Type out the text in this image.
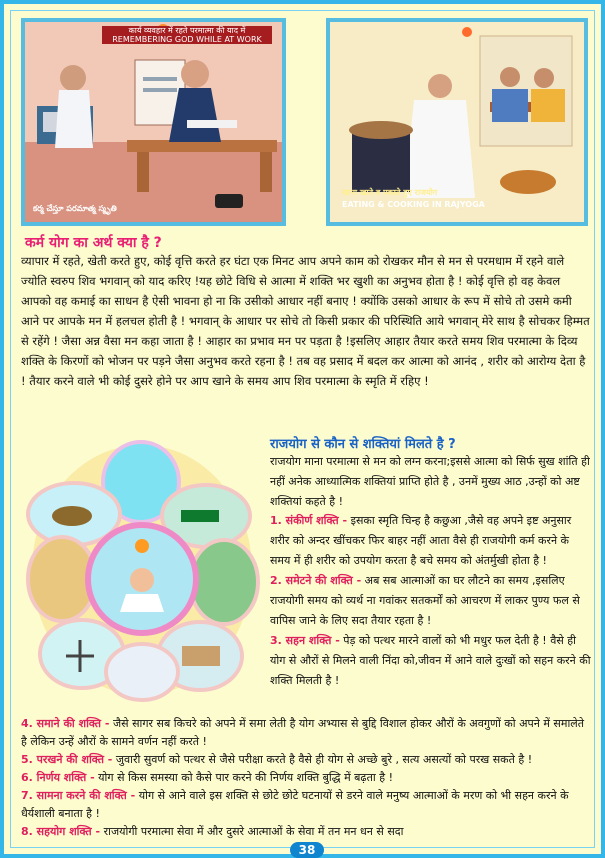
कार्य व्यवहार में रहते परमात्मा की याद में
REMEMBERING GOD WHILE AT WORK
కర్మ చేస్తూ పరమాత్మ స్మృతి
खाना खाते व पकाते हुए राजयोग
EATING & COOKING IN RAJYOGA
कर्म योग का अर्थ क्या है ?
व्यापार में रहते, खेती करते हुए, कोई वृत्ति करते हर घंटा एक मिनट आप अपने काम को रोखकर मौन से मन से परमधाम में रहने वाले ज्योति स्वरुप शिव भगवान् को याद करिए !यह छोटे विधि से आत्मा में शक्ति भर खुशी का अनुभव होता है ! कोई वृत्ति हो वह केवल आपको वह कमाई का साधन है ऐसी भावना हो ना कि उसीको आधार नहीं बनाए ! क्योंकि उसको आधार के रूप में सोचे तो उसमे कमी आने पर आपके मन में हलचल होती है ! भगवान् के आधार पर सोचे तो किसी प्रकार की परिस्थिति आये भगवान् मेरे साथ है सोचकर हिम्मत से रहेंगे ! जैसा अन्न वैसा मन कहा जाता है ! आहार का प्रभाव मन पर पड़ता है !इसलिए आहार तैयार करते समय शिव परमात्मा के दिव्य शक्ति के किरणों को भोजन पर पड़ने जैसा अनुभव करते रहना है ! तब वह प्रसाद में बदल कर आत्मा को आनंद , शरीर को आरोग्य देता है ! तैयार करने वाले भी कोई दुसरे होने पर आप खाने के समय आप शिव परमात्मा के स्मृति में रहिए !
राजयोग से कौन से शक्तियां मिलते है ?
राजयोग माना परमात्मा से मन को लग्न करना;इससे आत्मा को सिर्फ सुख शांति ही नहीं अनेक आध्यात्मिक शक्तियां प्राप्ति होते है , उनमें मुख्य आठ ,उन्हों को अष्ट शक्तियां कहते है !

1. संकीर्ण शक्ति - इसका स्मृति चिन्ह है कछुआ ,जैसे वह अपने इष्ट अनुसार शरीर को अन्दर खींचकर फिर बाहर नहीं आता वैसे ही राजयोगी कर्म करने के समय में ही शरीर को उपयोग करता है बचे समय को अंतर्मुखी होता है !

2. समेटने की शक्ति - अब सब आत्माओं का घर लौटने का समय ,इसलिए राजयोगी समय को व्यर्थ ना गवांकर सतकर्मों को आचरण में लाकर पुण्य फल से वापिस जाने के लिए सदा तैयार रहता है !

3. सहन शक्ति - पेड़ को पत्थर मारने वालों को भी मधुर फल देती है ! वैसे ही योग से औरों से मिलने वाली निंदा को,जीवन में आने वाले दुःखों को सहन करने की शक्ति मिलती है !

4. समाने की शक्ति - जैसे सागर सब किचरे को अपने में समा लेती है योग अभ्यास से बुद्दि विशाल होकर औरों के अवगुणों को अपने में समालेते है लेकिन उन्हें औरों के सामने वर्णन नहीं करते !

5. परखने की शक्ति - जुवारी सुवर्ण को पत्थर से जैसे परीक्षा करते है वैसे ही योग से अच्छे बुरे , सत्य असत्यों को परख सकते है !

6. निर्णय शक्ति - योग से किस समस्या को कैसे पार करने की निर्णय शक्ति बुद्धि में बढ़ता है !

7. सामना करने की शक्ति - योग से आने वाले इस शक्ति से छोटे छोटे घटनायों से डरने वाले मनुष्य आत्माओं के मरण को भी सहन करने के धैर्यशाली बनाता है !

8. सहयोग शक्ति - राजयोगी परमात्मा सेवा में और दुसरे आत्माओं के सेवा में तन मन धन से सदा

38
